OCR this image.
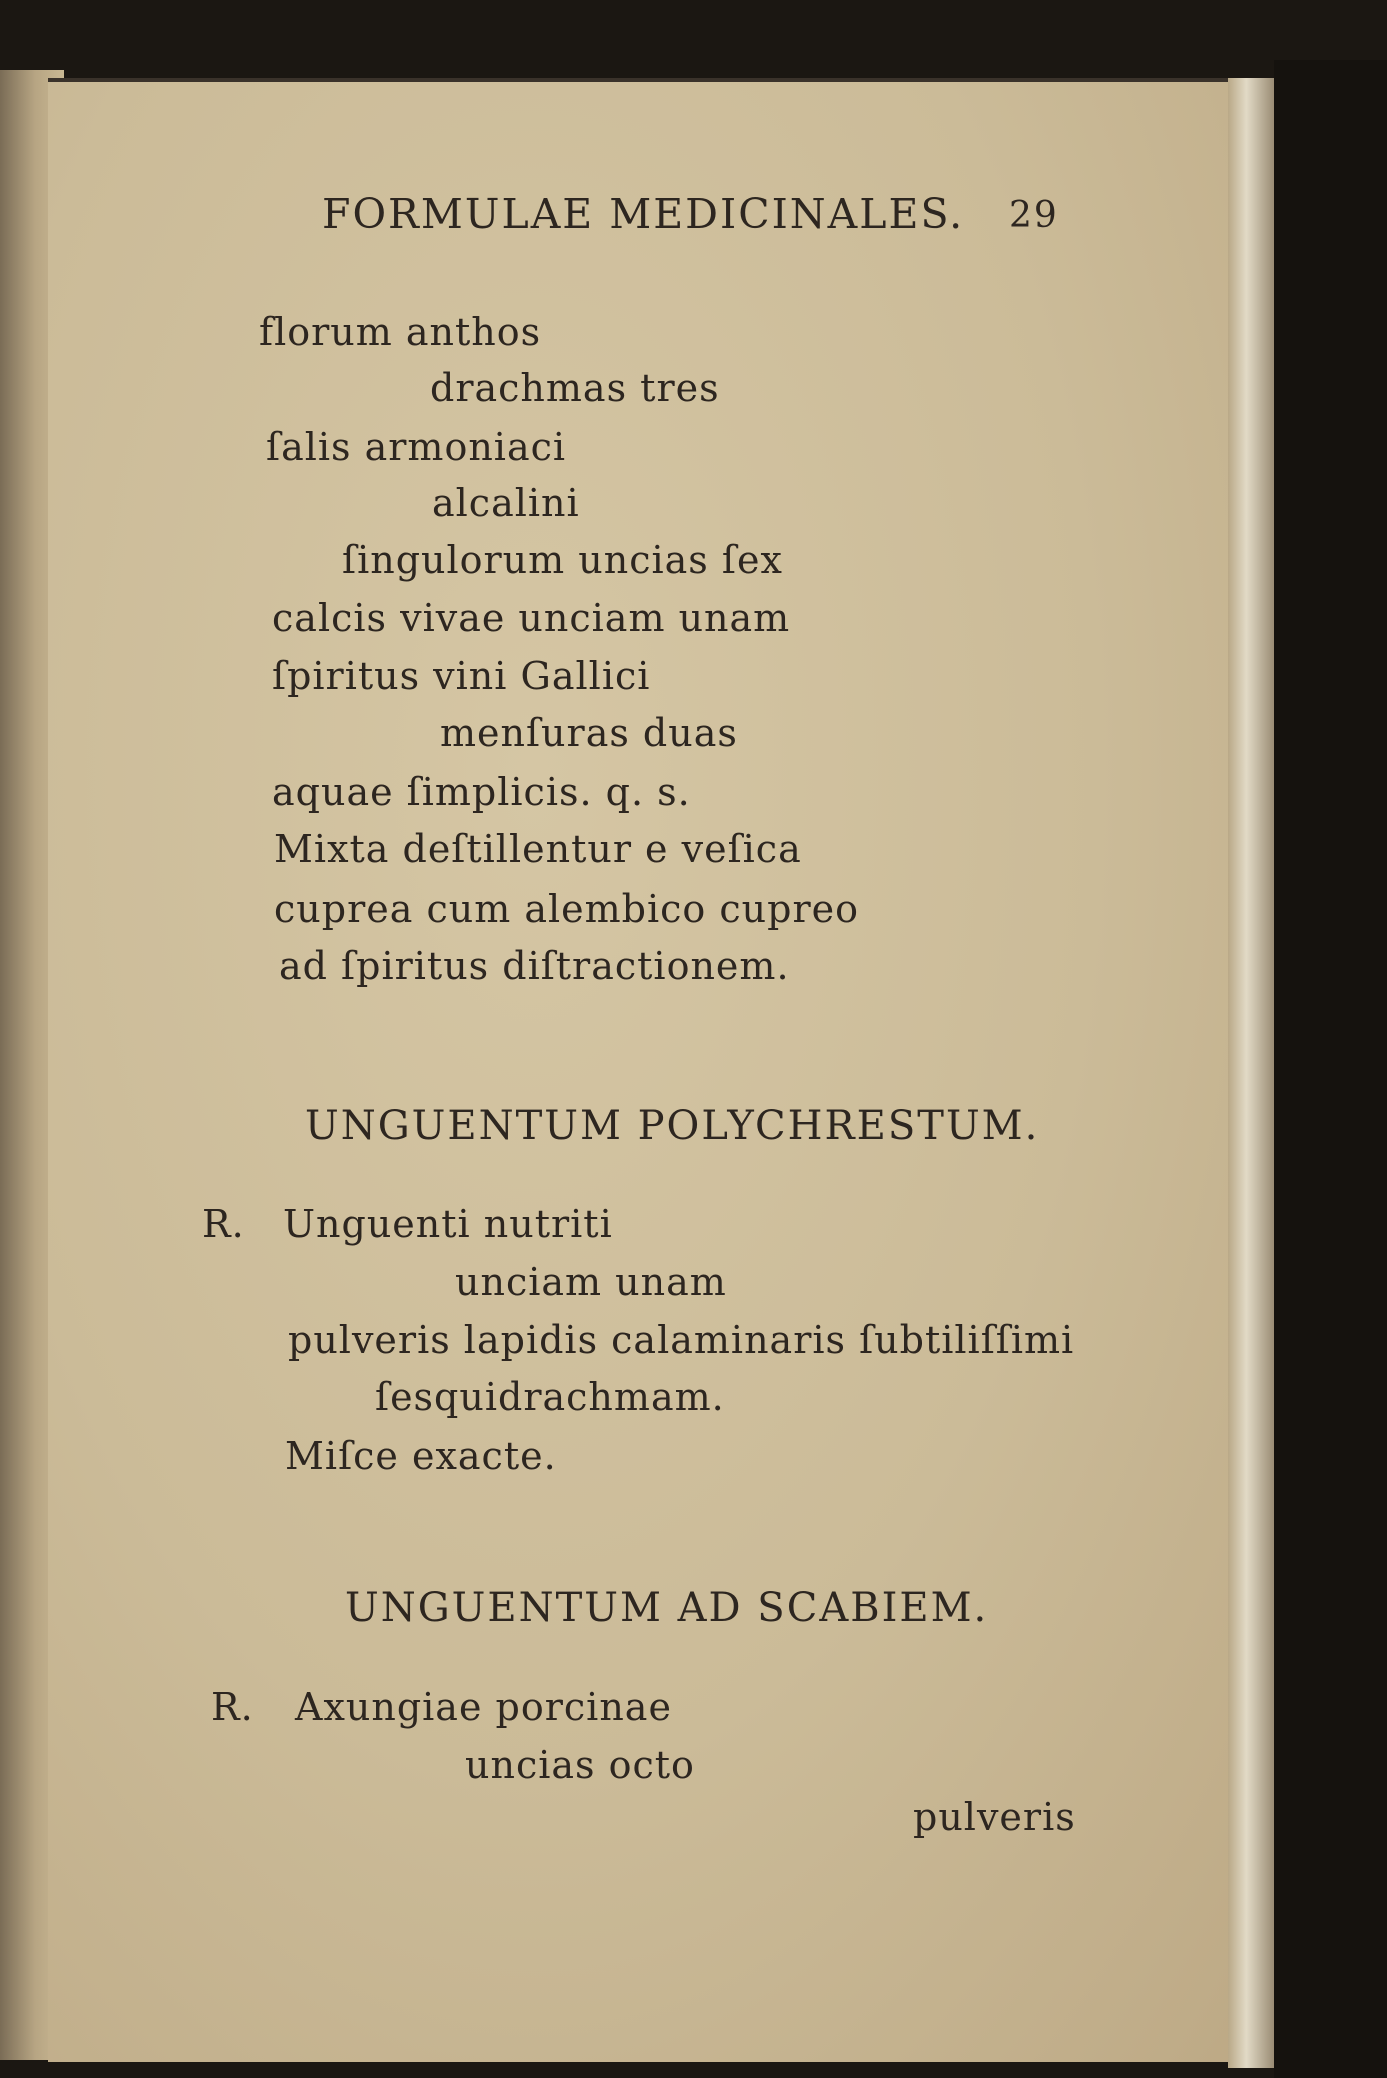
FORMULAE MEDICINALES. 29
florum anthos
drachmas tres
ſalis armoniaci
alcalini
ſingulorum uncias ſex
calcis vivae unciam unam
ſpiritus vini Gallici
menſuras duas
aquae ſimplicis. q. s.
Mixta deſtillentur e veſica
cuprea cum alembico cupreo
ad ſpiritus diſtractionem.
UNGUENTUM POLYCHRESTUM.
R. Unguenti nutriti
unciam unam
pulveris lapidis calaminaris ſubtiliſſimi
ſesquidrachmam.
Miſce exacte.
UNGUENTUM AD SCABIEM.
R. Axungiae porcinae
uncias octo
pulveris
